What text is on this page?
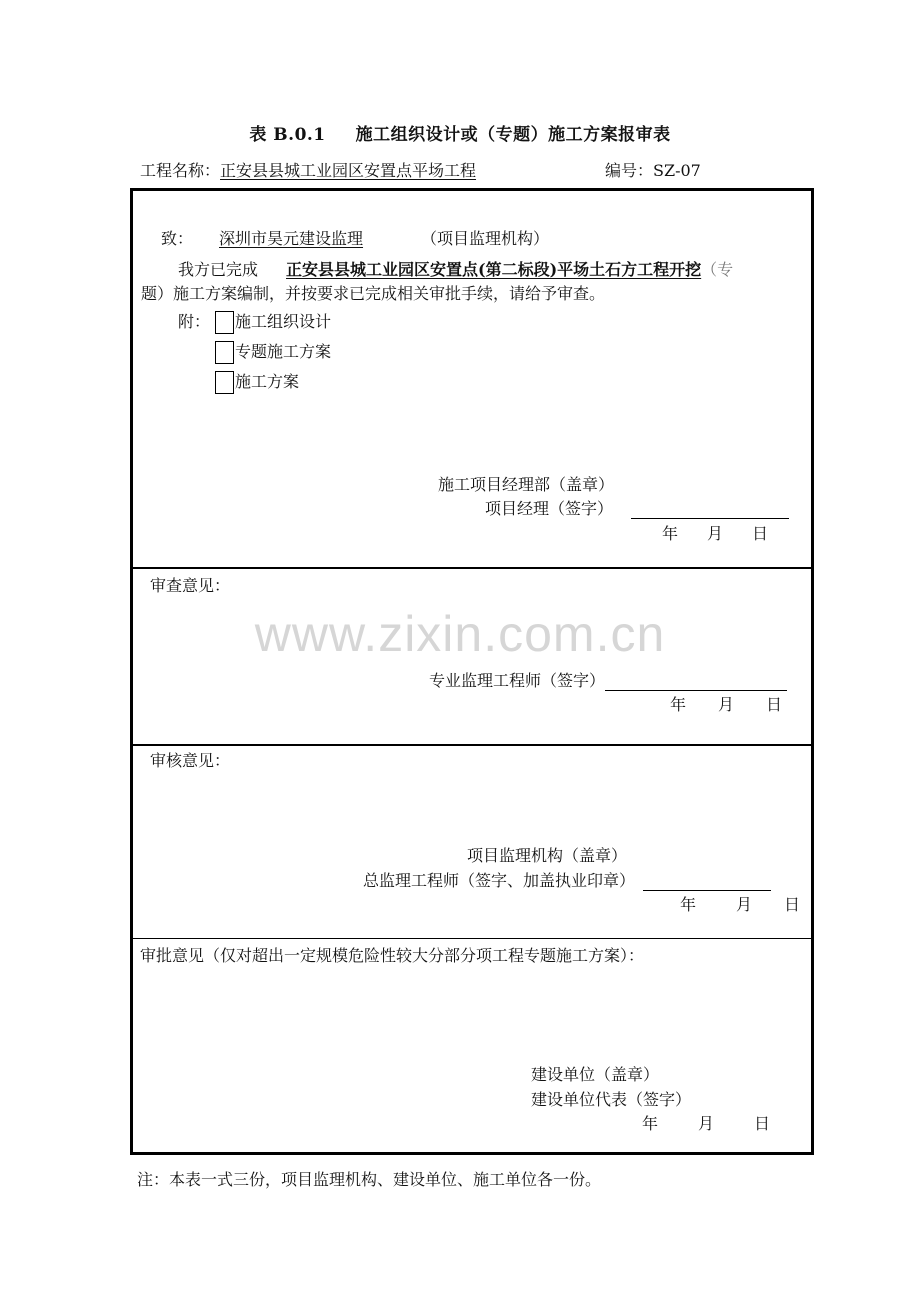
表 B.0.1 施工组织设计或（专题）施工方案报审表
工程名称：正安县县城工业园区安置点平场工程	编号：SZ-07
www.zixin.com.cn
致： 深圳市昊元建设监理	（项目监理机构）
我方已完成 正安县县城工业园区安置点(第二标段)平场土石方工程开挖（专
题）施工方案编制，并按要求已完成相关审批手续，请给予审查。
附：	施工组织设计
专题施工方案
施工方案
施工项目经理部（盖章）
项目经理（签字）
年 月 日
审查意见：
专业监理工程师（签字）
年 月 日
审核意见：
项目监理机构（盖章）
总监理工程师（签字、加盖执业印章）
年	月 日
审批意见（仅对超出一定规模危险性较大分部分项工程专题施工方案）：
建设单位（盖章）
建设单位代表（签字）
年	月	日
注：本表一式三份，项目监理机构、建设单位、施工单位各一份。
